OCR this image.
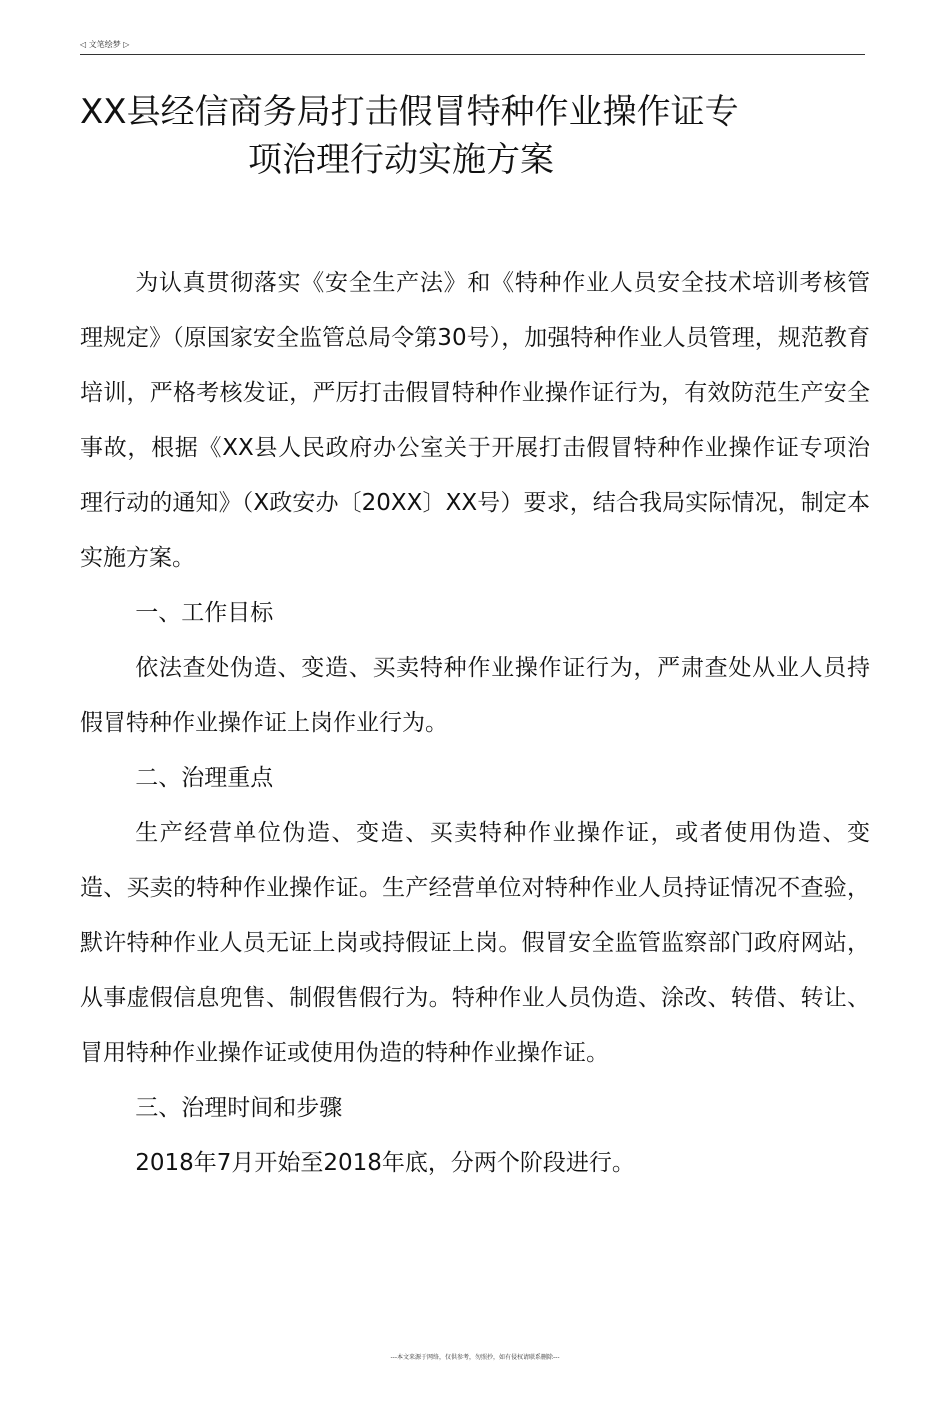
◁ 文笔绘梦 ▷
XX县经信商务局打击假冒特种作业操作证专
项治理行动实施方案

为认真贯彻落实《安全生产法》和《特种作业人员安全技术培训考核管理规定》（原国家安全监管总局令第30号），加强特种作业人员管理，规范教育培训，严格考核发证，严厉打击假冒特种作业操作证行为，有效防范生产安全事故，根据《XX县人民政府办公室关于开展打击假冒特种作业操作证专项治理行动的通知》（X政安办〔20XX〕XX号）要求，结合我局实际情况，制定本实施方案。

一、工作目标

依法查处伪造、变造、买卖特种作业操作证行为，严肃查处从业人员持假冒特种作业操作证上岗作业行为。

二、治理重点

生产经营单位伪造、变造、买卖特种作业操作证，或者使用伪造、变造、买卖的特种作业操作证。生产经营单位对特种作业人员持证情况不查验，默许特种作业人员无证上岗或持假证上岗。假冒安全监管监察部门政府网站，从事虚假信息兜售、制假售假行为。特种作业人员伪造、涂改、转借、转让、冒用特种作业操作证或使用伪造的特种作业操作证。

三、治理时间和步骤

2018年7月开始至2018年底，分两个阶段进行。

---本文来源于网络，仅供参考，勿照抄，如有侵权请联系删除---
